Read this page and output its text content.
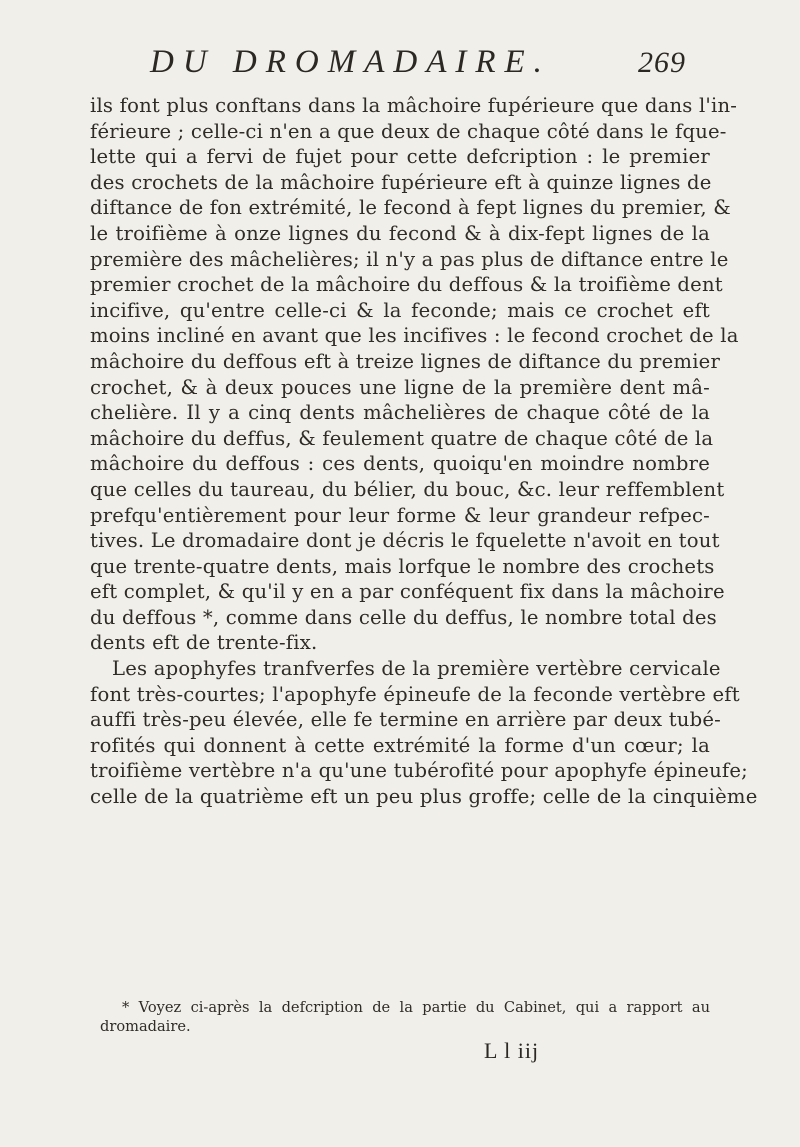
DU DROMADAIRE.	269
ils font plus conftans dans la mâchoire fupérieure que dans l'in-
férieure ; celle-ci n'en a que deux de chaque côté dans le fque-
lette qui a fervi de fujet pour cette defcription : le premier
des crochets de la mâchoire fupérieure eft à quinze lignes de
diftance de fon extrémité, le fecond à fept lignes du premier, &
le troifième à onze lignes du fecond & à dix-fept lignes de la
première des mâchelières; il n'y a pas plus de diftance entre le
premier crochet de la mâchoire du deffous & la troifième dent
incifive, qu'entre celle-ci & la feconde; mais ce crochet eft
moins incliné en avant que les incifives : le fecond crochet de la
mâchoire du deffous eft à treize lignes de diftance du premier
crochet, & à deux pouces une ligne de la première dent mâ-
chelière. Il y a cinq dents mâchelières de chaque côté de la
mâchoire du deffus, & feulement quatre de chaque côté de la
mâchoire du deffous : ces dents, quoiqu'en moindre nombre
que celles du taureau, du bélier, du bouc, &c. leur reffemblent
prefqu'entièrement pour leur forme & leur grandeur refpec-
tives. Le dromadaire dont je décris le fquelette n'avoit en tout
que trente-quatre dents, mais lorfque le nombre des crochets
eft complet, & qu'il y en a par conféquent fix dans la mâchoire
du deffous *, comme dans celle du deffus, le nombre total des
dents eft de trente-fix.
Les apophyfes tranfverfes de la première vertèbre cervicale
font très-courtes; l'apophyfe épineufe de la feconde vertèbre eft
auffi très-peu élevée, elle fe termine en arrière par deux tubé-
rofités qui donnent à cette extrémité la forme d'un cœur; la
troifième vertèbre n'a qu'une tubérofité pour apophyfe épineufe;
celle de la quatrième eft un peu plus groffe; celle de la cinquième
* Voyez ci-après la defcription de la partie du Cabinet, qui a rapport au
dromadaire.
L l iij
